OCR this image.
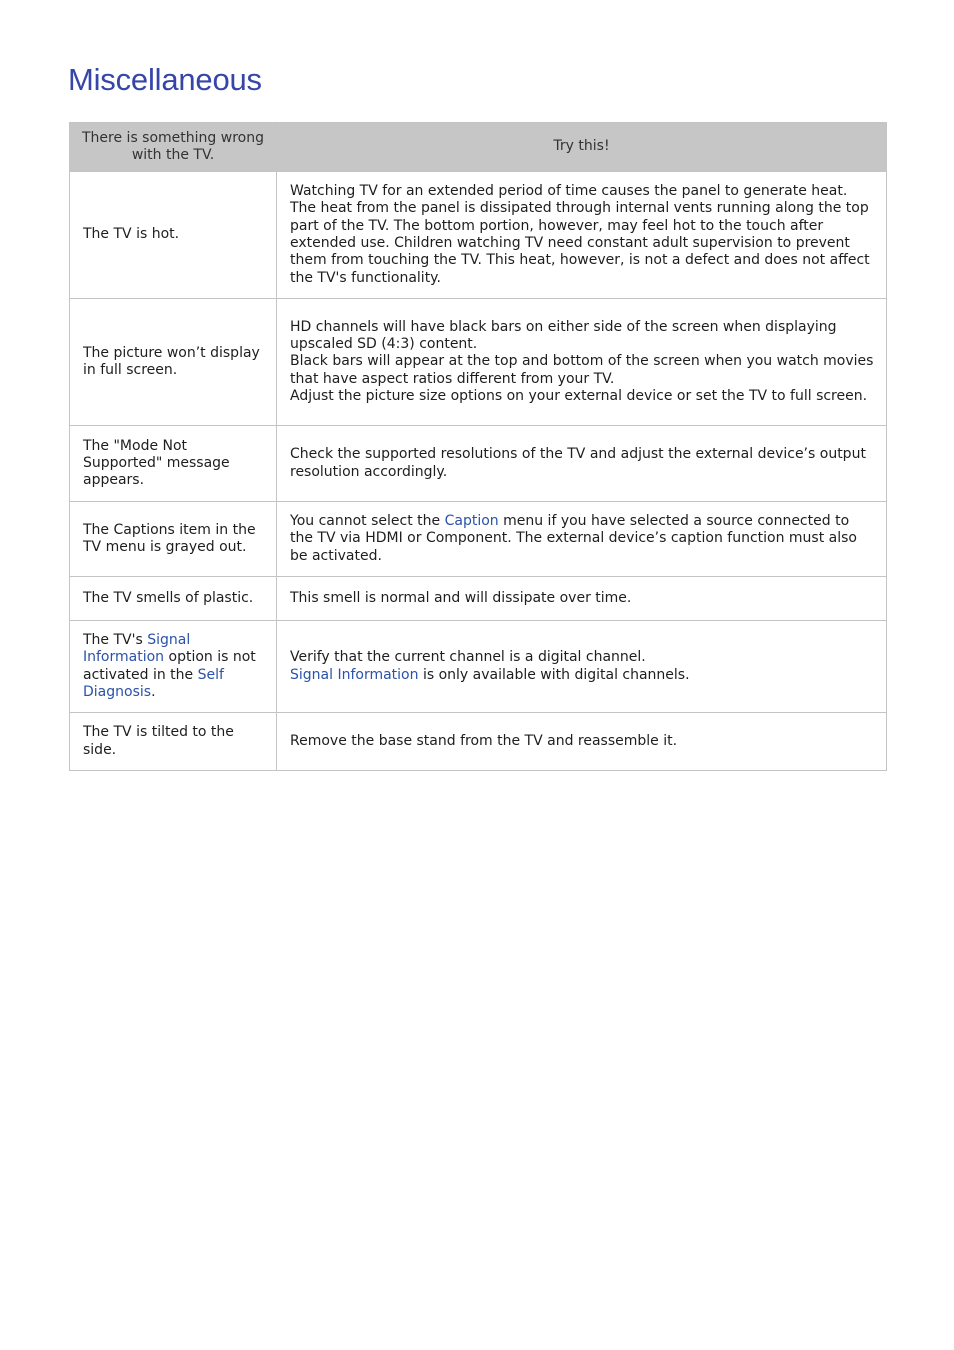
Miscellaneous
There is something wrong with the TV.	Try this!
The TV is hot.	Watching TV for an extended period of time causes the panel to generate heat. The heat from the panel is dissipated through internal vents running along the top part of the TV. The bottom portion, however, may feel hot to the touch after extended use. Children watching TV need constant adult supervision to prevent them from touching the TV. This heat, however, is not a defect and does not affect the TV's functionality.
The picture won’t display in full screen.	HD channels will have black bars on either side of the screen when displaying upscaled SD (4:3) content.
Black bars will appear at the top and bottom of the screen when you watch movies that have aspect ratios different from your TV.
Adjust the picture size options on your external device or set the TV to full screen.

The "Mode Not Supported" message appears.	Check the supported resolutions of the TV and adjust the external device’s output resolution accordingly.
The Captions item in the TV menu is grayed out.	You cannot select the Caption menu if you have selected a source connected to the TV via HDMI or Component. The external device’s caption function must also be activated.
The TV smells of plastic.	This smell is normal and will dissipate over time.
The TV's Signal Information option is not activated in the Self Diagnosis.	Verify that the current channel is a digital channel.
Signal Information is only available with digital channels.

The TV is tilted to the side.	Remove the base stand from the TV and reassemble it.
